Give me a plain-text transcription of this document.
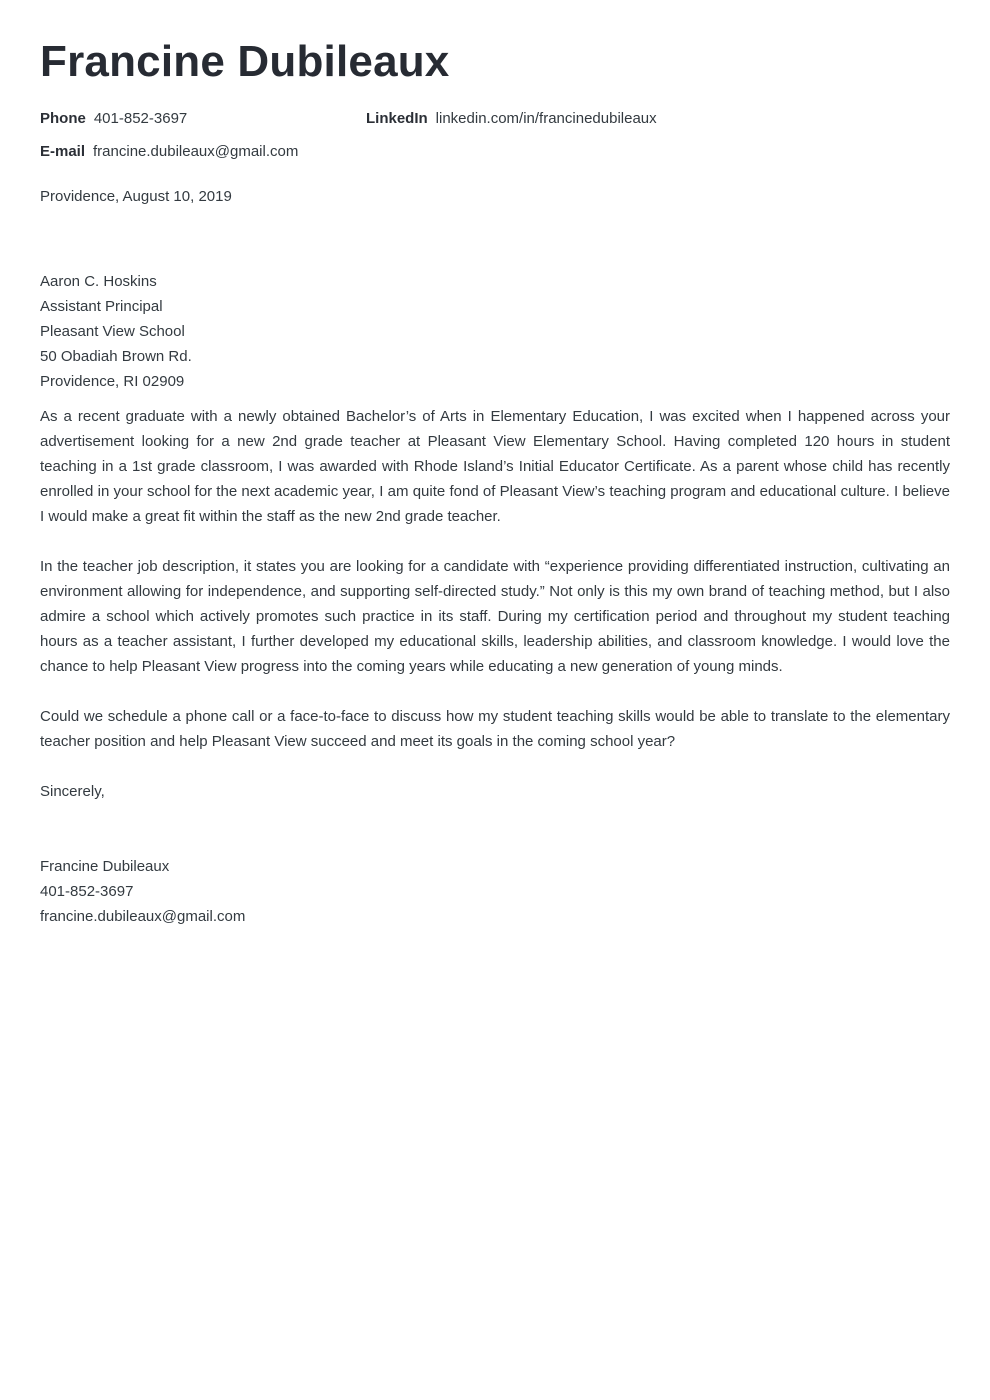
Francine Dubileaux
Phone 401-852-3697	LinkedIn linkedin.com/in/francinedubileaux
E-mail francine.dubileaux@gmail.com
Providence, August 10, 2019
Aaron C. Hoskins
Assistant Principal
Pleasant View School
50 Obadiah Brown Rd.
Providence, RI 02909

As a recent graduate with a newly obtained Bachelor’s of Arts in Elementary Education, I was excited when I happened across your advertisement looking for a new 2nd grade teacher at Pleasant View Elementary School. Having completed 120 hours in student teaching in a 1st grade classroom, I was awarded with Rhode Island’s Initial Educator Certificate. As a parent whose child has recently enrolled in your school for the next academic year, I am quite fond of Pleasant View’s teaching program and educational culture. I believe I would make a great fit within the staff as the new 2nd grade teacher.

In the teacher job description, it states you are looking for a candidate with “experience providing differentiated instruction, cultivating an environment allowing for independence, and supporting self-directed study.” Not only is this my own brand of teaching method, but I also admire a school which actively promotes such practice in its staff. During my certification period and throughout my student teaching hours as a teacher assistant, I further developed my educational skills, leadership abilities, and classroom knowledge. I would love the chance to help Pleasant View progress into the coming years while educating a new generation of young minds.

Could we schedule a phone call or a face-to-face to discuss how my student teaching skills would be able to translate to the elementary teacher position and help Pleasant View succeed and meet its goals in the coming school year?

Sincerely,

Francine Dubileaux
401-852-3697
francine.dubileaux@gmail.com
